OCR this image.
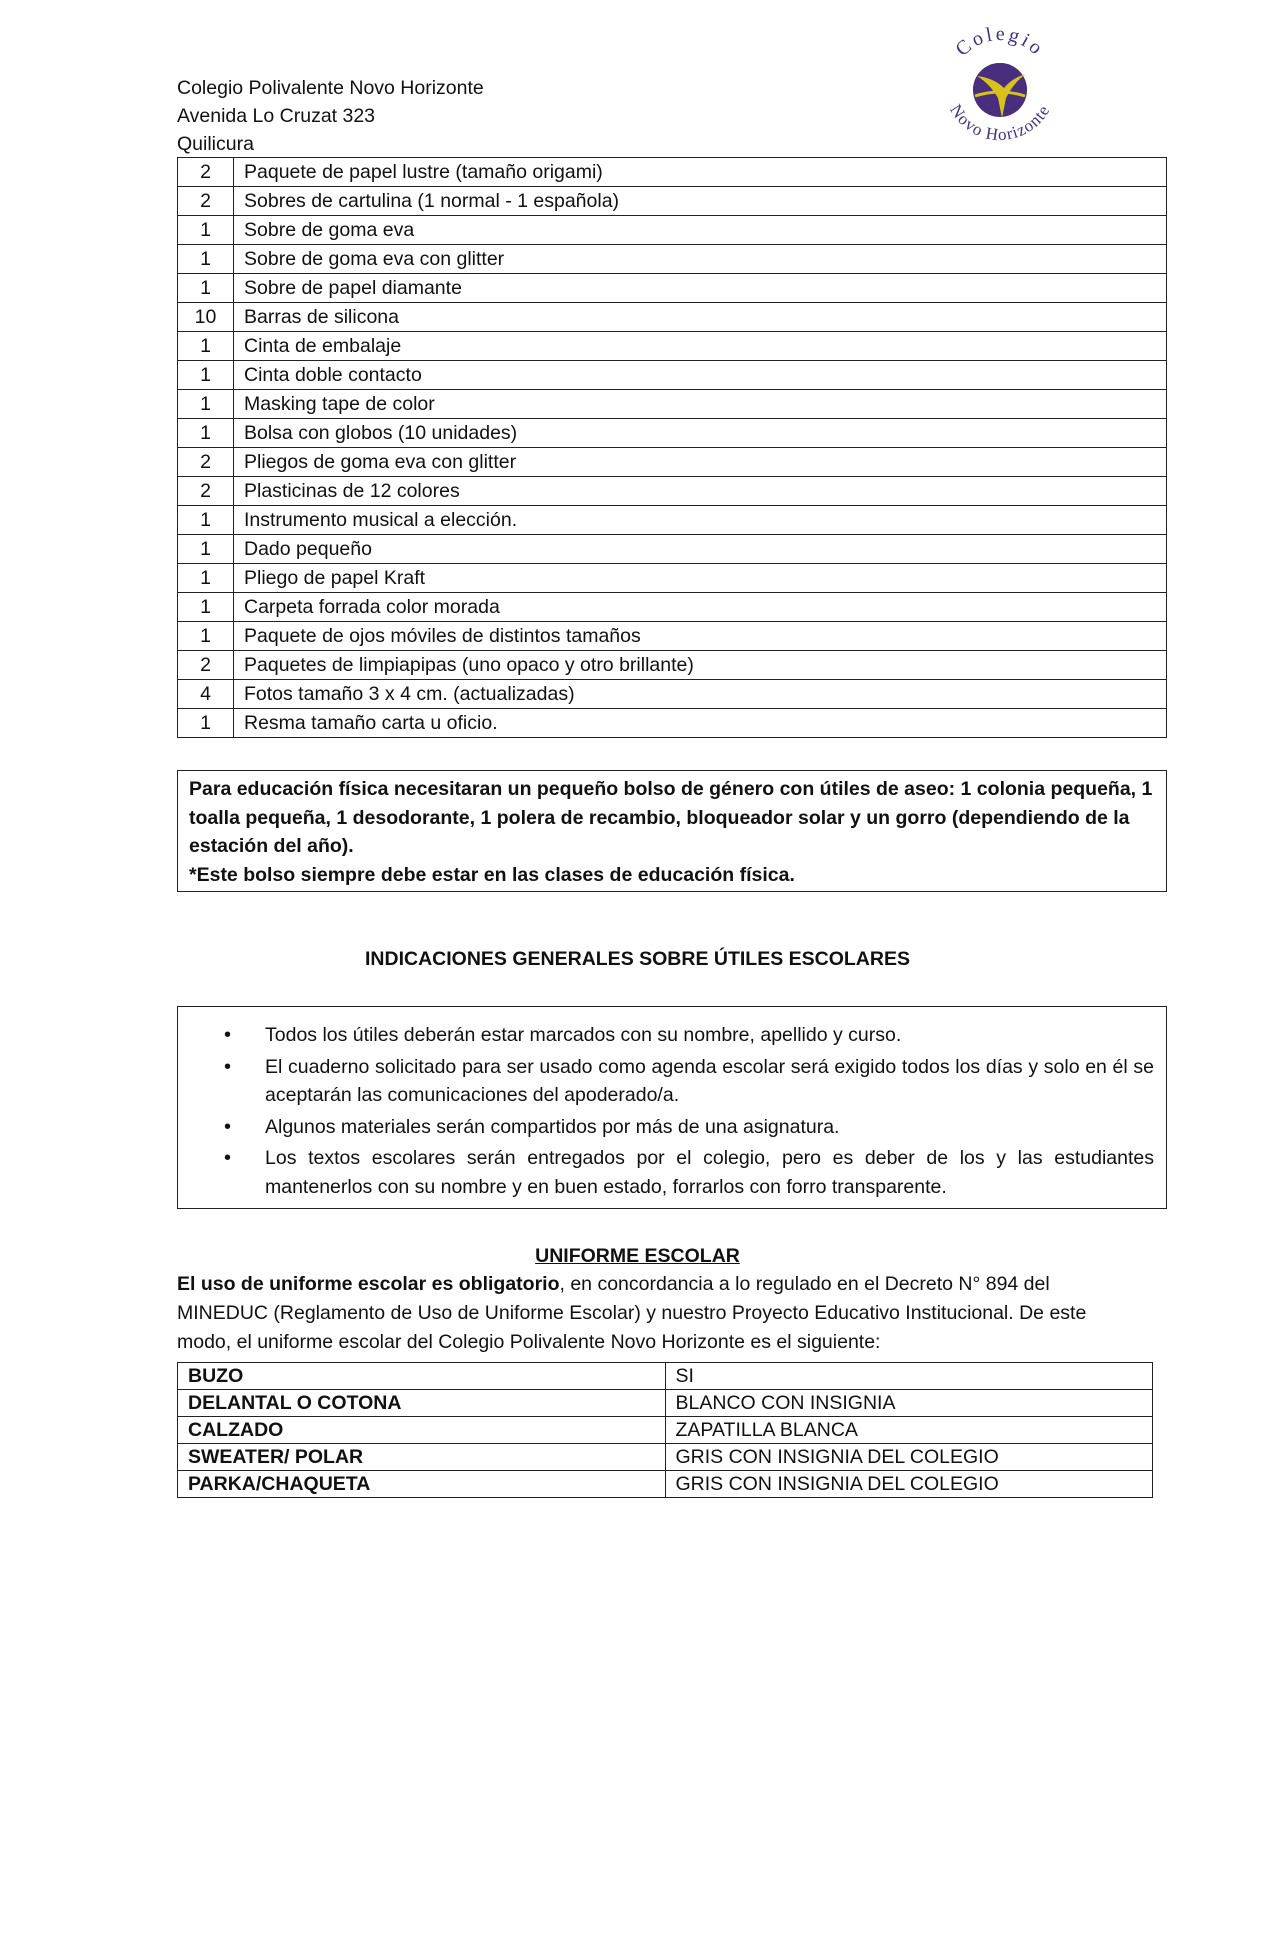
Colegio Polivalente Novo Horizonte
Avenida Lo Cruzat 323
Quilicura
Colegio
Novo Horizonte
2	Paquete de papel lustre (tamaño origami)
2	Sobres de cartulina (1 normal - 1 española)
1	Sobre de goma eva
1	Sobre de goma eva con glitter
1	Sobre de papel diamante
10	Barras de silicona
1	Cinta de embalaje
1	Cinta doble contacto
1	Masking tape de color
1	Bolsa con globos (10 unidades)
2	Pliegos de goma eva con glitter
2	Plasticinas de 12 colores
1	Instrumento musical a elección.
1	Dado pequeño
1	Pliego de papel Kraft
1	Carpeta forrada color morada
1	Paquete de ojos móviles de distintos tamaños
2	Paquetes de limpiapipas (uno opaco y otro brillante)
4	Fotos tamaño 3 x 4 cm. (actualizadas)
1	Resma tamaño carta u oficio.

Para educación física necesitaran un pequeño bolso de género con útiles de aseo: 1 colonia pequeña, 1 toalla pequeña, 1 desodorante, 1 polera de recambio, bloqueador solar y un gorro (dependiendo de la estación del año).

*Este bolso siempre debe estar en las clases de educación física.

INDICACIONES GENERALES SOBRE ÚTILES ESCOLARES
• Todos los útiles deberán estar marcados con su nombre, apellido y curso.
• El cuaderno solicitado para ser usado como agenda escolar será exigido todos los días y solo en él se aceptarán las comunicaciones del apoderado/a.
• Algunos materiales serán compartidos por más de una asignatura.
• Los textos escolares serán entregados por el colegio, pero es deber de los y las estudiantes mantenerlos con su nombre y en buen estado, forrarlos con forro transparente.
UNIFORME ESCOLAR

El uso de uniforme escolar es obligatorio, en concordancia a lo regulado en el Decreto N° 894 del MINEDUC (Reglamento de Uso de Uniforme Escolar) y nuestro Proyecto Educativo Institucional. De este modo, el uniforme escolar del Colegio Polivalente Novo Horizonte es el siguiente:

BUZO	SI
DELANTAL O COTONA	BLANCO CON INSIGNIA
CALZADO	ZAPATILLA BLANCA
SWEATER/ POLAR	GRIS CON INSIGNIA DEL COLEGIO
PARKA/CHAQUETA	GRIS CON INSIGNIA DEL COLEGIO
